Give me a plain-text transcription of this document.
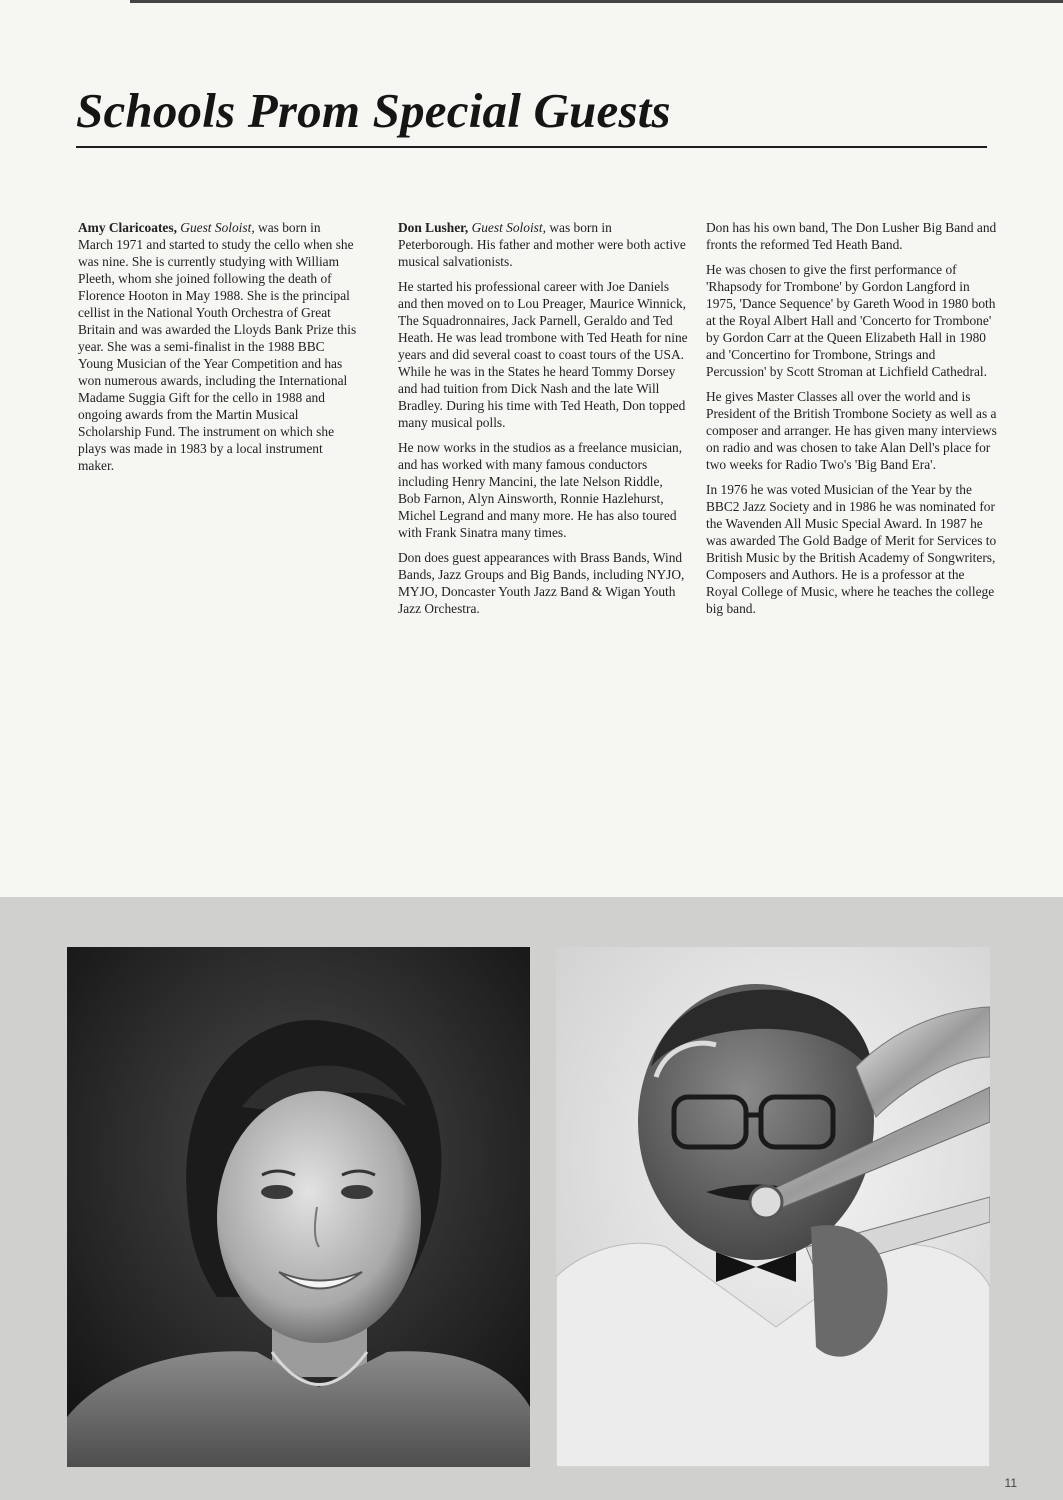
Schools Prom Special Guests

Amy Claricoates, Guest Soloist, was born in March 1971 and started to study the cello when she was nine. She is currently studying with William Pleeth, whom she joined following the death of Florence Hooton in May 1988. She is the principal cellist in the National Youth Orchestra of Great Britain and was awarded the Lloyds Bank Prize this year. She was a semi-finalist in the 1988 BBC Young Musician of the Year Competition and has won numerous awards, including the International Madame Suggia Gift for the cello in 1988 and ongoing awards from the Martin Musical Scholarship Fund. The instrument on which she plays was made in 1983 by a local instrument maker.

Don Lusher, Guest Soloist, was born in Peterborough. His father and mother were both active musical salvationists.

He started his professional career with Joe Daniels and then moved on to Lou Preager, Maurice Winnick, The Squadronnaires, Jack Parnell, Geraldo and Ted Heath. He was lead trombone with Ted Heath for nine years and did several coast to coast tours of the USA. While he was in the States he heard Tommy Dorsey and had tuition from Dick Nash and the late Will Bradley. During his time with Ted Heath, Don topped many musical polls.

He now works in the studios as a freelance musician, and has worked with many famous conductors including Henry Mancini, the late Nelson Riddle, Bob Farnon, Alyn Ainsworth, Ronnie Hazlehurst, Michel Legrand and many more. He has also toured with Frank Sinatra many times.

Don does guest appearances with Brass Bands, Wind Bands, Jazz Groups and Big Bands, including NYJO, MYJO, Doncaster Youth Jazz Band & Wigan Youth Jazz Orchestra.

Don has his own band, The Don Lusher Big Band and fronts the reformed Ted Heath Band.

He was chosen to give the first performance of 'Rhapsody for Trombone' by Gordon Langford in 1975, 'Dance Sequence' by Gareth Wood in 1980 both at the Royal Albert Hall and 'Concerto for Trombone' by Gordon Carr at the Queen Elizabeth Hall in 1980 and 'Concertino for Trombone, Strings and Percussion' by Scott Stroman at Lichfield Cathedral.

He gives Master Classes all over the world and is President of the British Trombone Society as well as a composer and arranger. He has given many interviews on radio and was chosen to take Alan Dell's place for two weeks for Radio Two's 'Big Band Era'.

In 1976 he was voted Musician of the Year by the BBC2 Jazz Society and in 1986 he was nominated for the Wavenden All Music Special Award. In 1987 he was awarded The Gold Badge of Merit for Services to British Music by the British Academy of Songwriters, Composers and Authors. He is a professor at the Royal College of Music, where he teaches the college big band.

11
